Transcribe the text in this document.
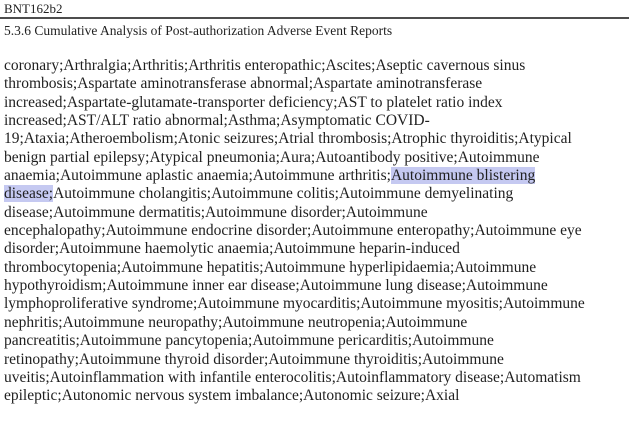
BNT162b2
5.3.6 Cumulative Analysis of Post-authorization Adverse Event Reports
coronary;Arthralgia;Arthritis;Arthritis enteropathic;Ascites;Aseptic cavernous sinus
thrombosis;Aspartate aminotransferase abnormal;Aspartate aminotransferase
increased;Aspartate-glutamate-transporter deficiency;AST to platelet ratio index
increased;AST/ALT ratio abnormal;Asthma;Asymptomatic COVID-
19;Ataxia;Atheroembolism;Atonic seizures;Atrial thrombosis;Atrophic thyroiditis;Atypical
benign partial epilepsy;Atypical pneumonia;Aura;Autoantibody positive;Autoimmune
anaemia;Autoimmune aplastic anaemia;Autoimmune arthritis;Autoimmune blistering
disease;Autoimmune cholangitis;Autoimmune colitis;Autoimmune demyelinating
disease;Autoimmune dermatitis;Autoimmune disorder;Autoimmune
encephalopathy;Autoimmune endocrine disorder;Autoimmune enteropathy;Autoimmune eye
disorder;Autoimmune haemolytic anaemia;Autoimmune heparin-induced
thrombocytopenia;Autoimmune hepatitis;Autoimmune hyperlipidaemia;Autoimmune
hypothyroidism;Autoimmune inner ear disease;Autoimmune lung disease;Autoimmune
lymphoproliferative syndrome;Autoimmune myocarditis;Autoimmune myositis;Autoimmune
nephritis;Autoimmune neuropathy;Autoimmune neutropenia;Autoimmune
pancreatitis;Autoimmune pancytopenia;Autoimmune pericarditis;Autoimmune
retinopathy;Autoimmune thyroid disorder;Autoimmune thyroiditis;Autoimmune
uveitis;Autoinflammation with infantile enterocolitis;Autoinflammatory disease;Automatism
epileptic;Autonomic nervous system imbalance;Autonomic seizure;Axial
